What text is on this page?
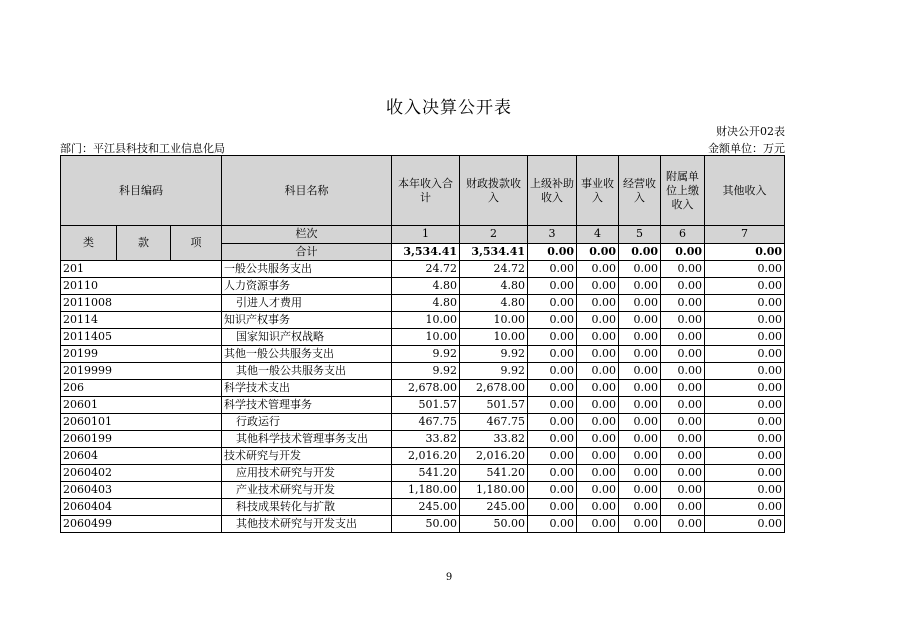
收入决算公开表
财决公开02表
部门：平江县科技和工业信息化局	金额单位：万元
科目编码			科目名称	本年收入合计	财政拨款收入	上级补助收入	事业收入	经营收入	附属单位上缴收入	其他收入
类	款	项	栏次	1	2	3	4	5	6	7
			合计	3,534.41	3,534.41	0.00	0.00	0.00	0.00	0.00
201			一般公共服务支出	24.72	24.72	0.00	0.00	0.00	0.00	0.00
20110			人力资源事务	4.80	4.80	0.00	0.00	0.00	0.00	0.00
2011008			引进人才费用	4.80	4.80	0.00	0.00	0.00	0.00	0.00
20114			知识产权事务	10.00	10.00	0.00	0.00	0.00	0.00	0.00
2011405			国家知识产权战略	10.00	10.00	0.00	0.00	0.00	0.00	0.00
20199			其他一般公共服务支出	9.92	9.92	0.00	0.00	0.00	0.00	0.00
2019999			其他一般公共服务支出	9.92	9.92	0.00	0.00	0.00	0.00	0.00
206			科学技术支出	2,678.00	2,678.00	0.00	0.00	0.00	0.00	0.00
20601			科学技术管理事务	501.57	501.57	0.00	0.00	0.00	0.00	0.00
2060101			行政运行	467.75	467.75	0.00	0.00	0.00	0.00	0.00
2060199			其他科学技术管理事务支出	33.82	33.82	0.00	0.00	0.00	0.00	0.00
20604			技术研究与开发	2,016.20	2,016.20	0.00	0.00	0.00	0.00	0.00
2060402			应用技术研究与开发	541.20	541.20	0.00	0.00	0.00	0.00	0.00
2060403			产业技术研究与开发	1,180.00	1,180.00	0.00	0.00	0.00	0.00	0.00
2060404			科技成果转化与扩散	245.00	245.00	0.00	0.00	0.00	0.00	0.00
2060499			其他技术研究与开发支出	50.00	50.00	0.00	0.00	0.00	0.00	0.00
9
